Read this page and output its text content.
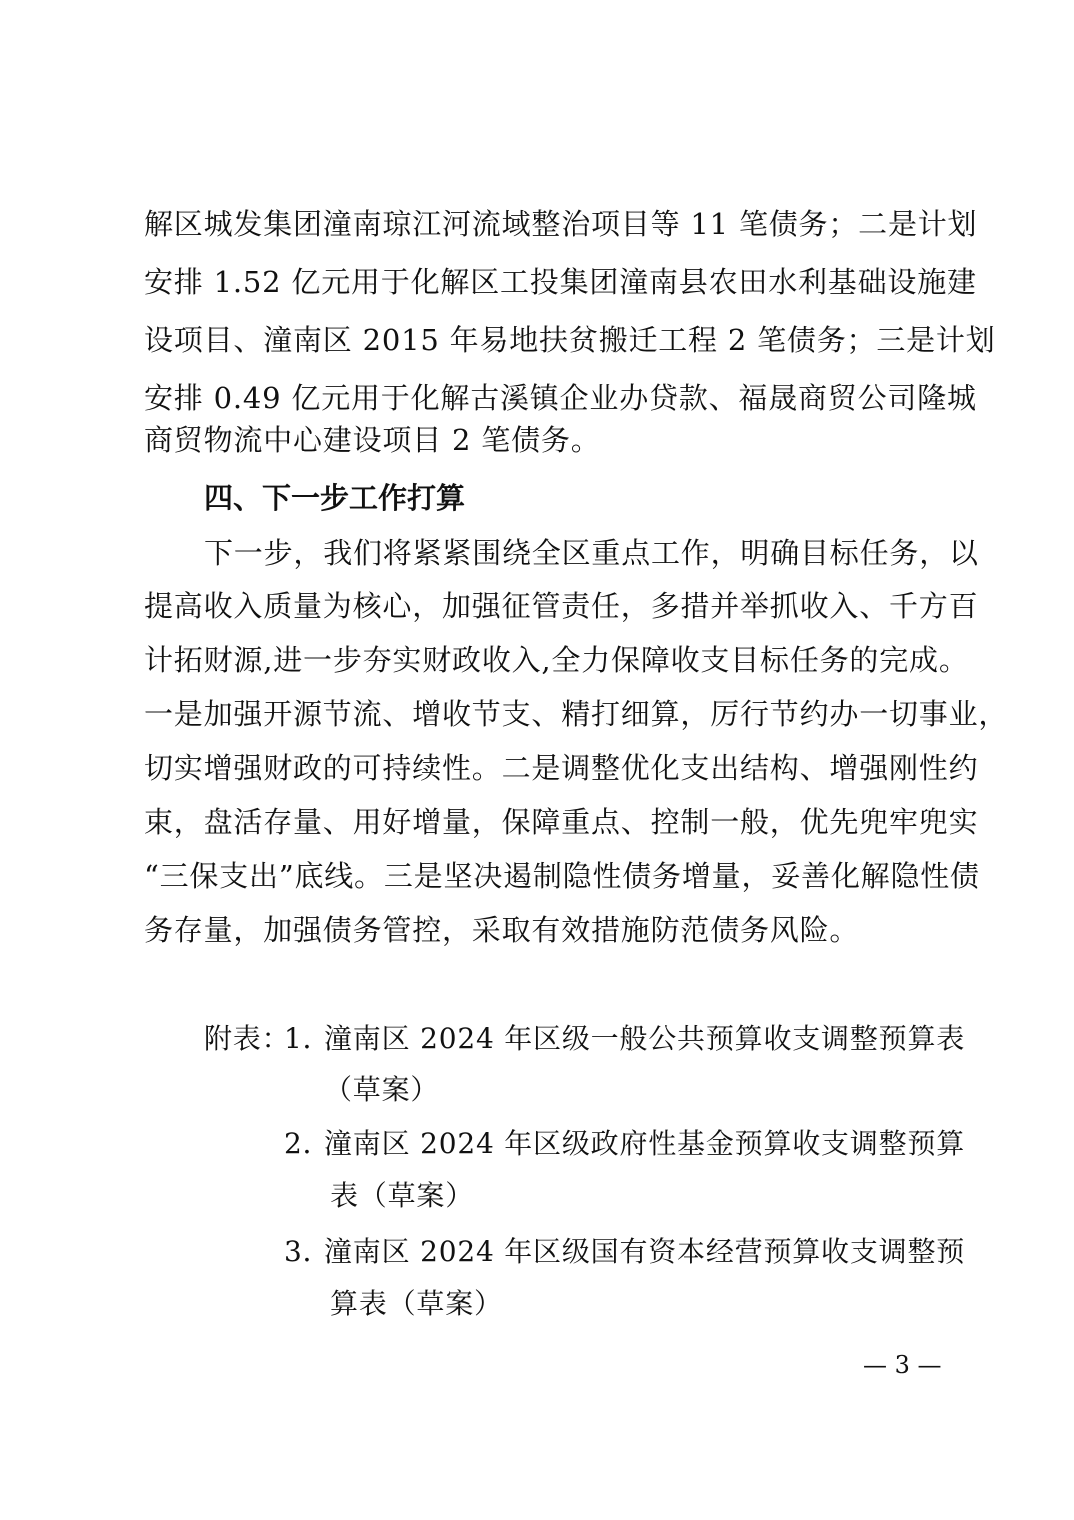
解区城发集团潼南琼江河流域整治项目等 11 笔债务；二是计划
安排 1.52 亿元用于化解区工投集团潼南县农田水利基础设施建
设项目、潼南区 2015 年易地扶贫搬迁工程 2 笔债务；三是计划
安排 0.49 亿元用于化解古溪镇企业办贷款、福晟商贸公司隆城
商贸物流中心建设项目 2 笔债务。
四、下一步工作打算
下一步，我们将紧紧围绕全区重点工作，明确目标任务，以
提高收入质量为核心，加强征管责任，多措并举抓收入、千方百
计拓财源,进一步夯实财政收入,全力保障收支目标任务的完成。
一是加强开源节流、增收节支、精打细算，厉行节约办一切事业，
切实增强财政的可持续性。二是调整优化支出结构、增强刚性约
束，盘活存量、用好增量，保障重点、控制一般，优先兜牢兜实
“三保支出”底线。三是坚决遏制隐性债务增量，妥善化解隐性债
务存量，加强债务管控，采取有效措施防范债务风险。
附表：
1．
潼南区 2024 年区级一般公共预算收支调整预算表
（草案）
2．
潼南区 2024 年区级政府性基金预算收支调整预算
表（草案）
3．
潼南区 2024 年区级国有资本经营预算收支调整预
算表（草案）
— 3 —
